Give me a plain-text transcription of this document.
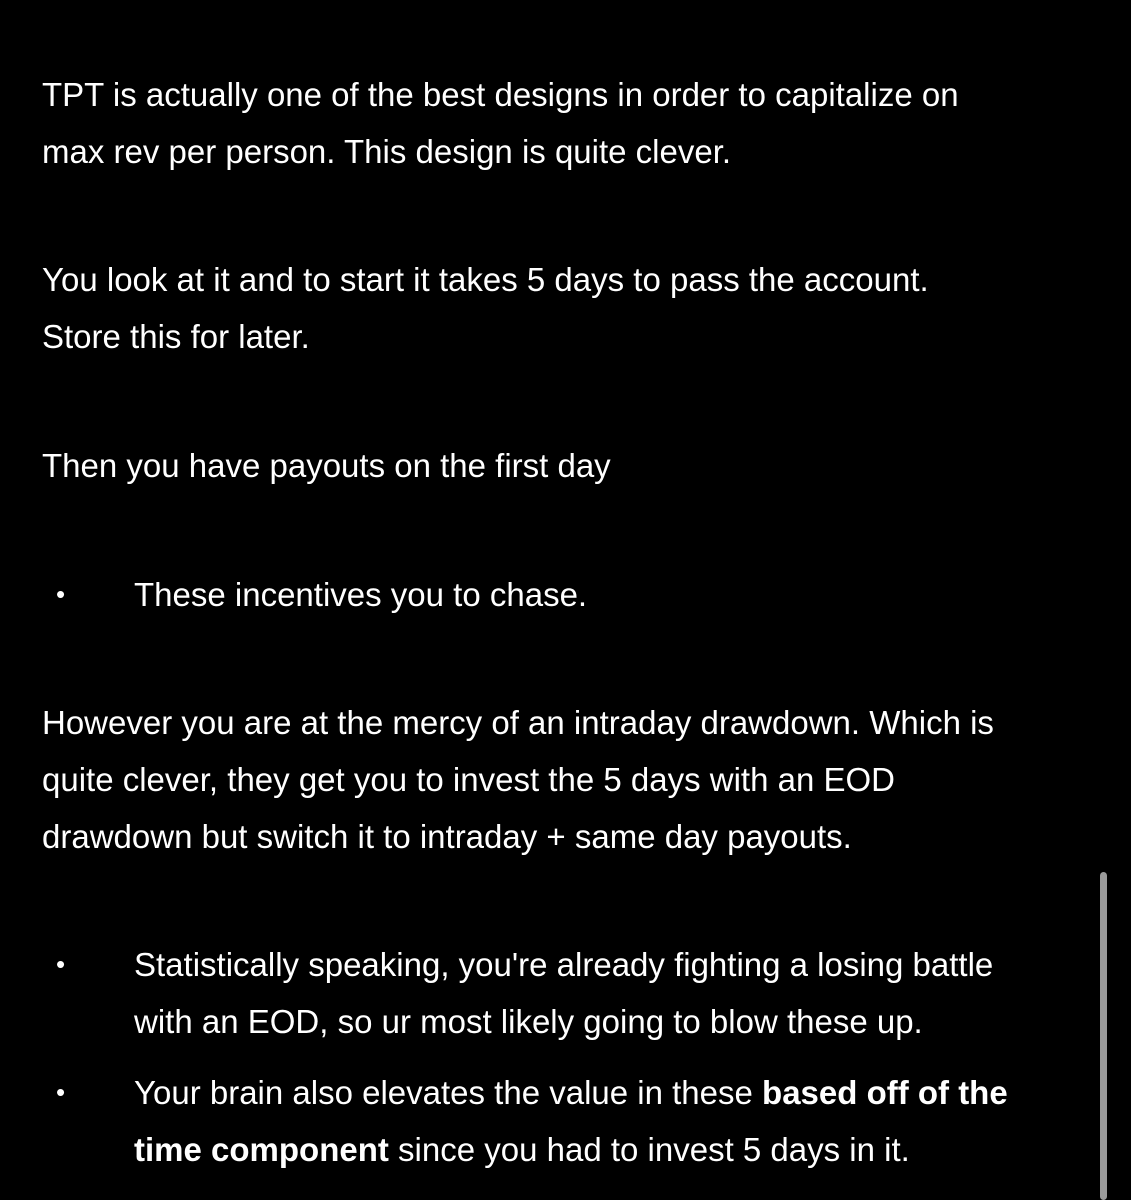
TPT is actually one of the best designs in order to capitalize on
max rev per person. This design is quite clever.
You look at it and to start it takes 5 days to pass the account.
Store this for later.
Then you have payouts on the first day
• These incentives you to chase.
However you are at the mercy of an intraday drawdown. Which is
quite clever, they get you to invest the 5 days with an EOD
drawdown but switch it to intraday + same day payouts.
• Statistically speaking, you're already fighting a losing battle
with an EOD, so ur most likely going to blow these up.
• Your brain also elevates the value in these based off of the
time component since you had to invest 5 days in it.
